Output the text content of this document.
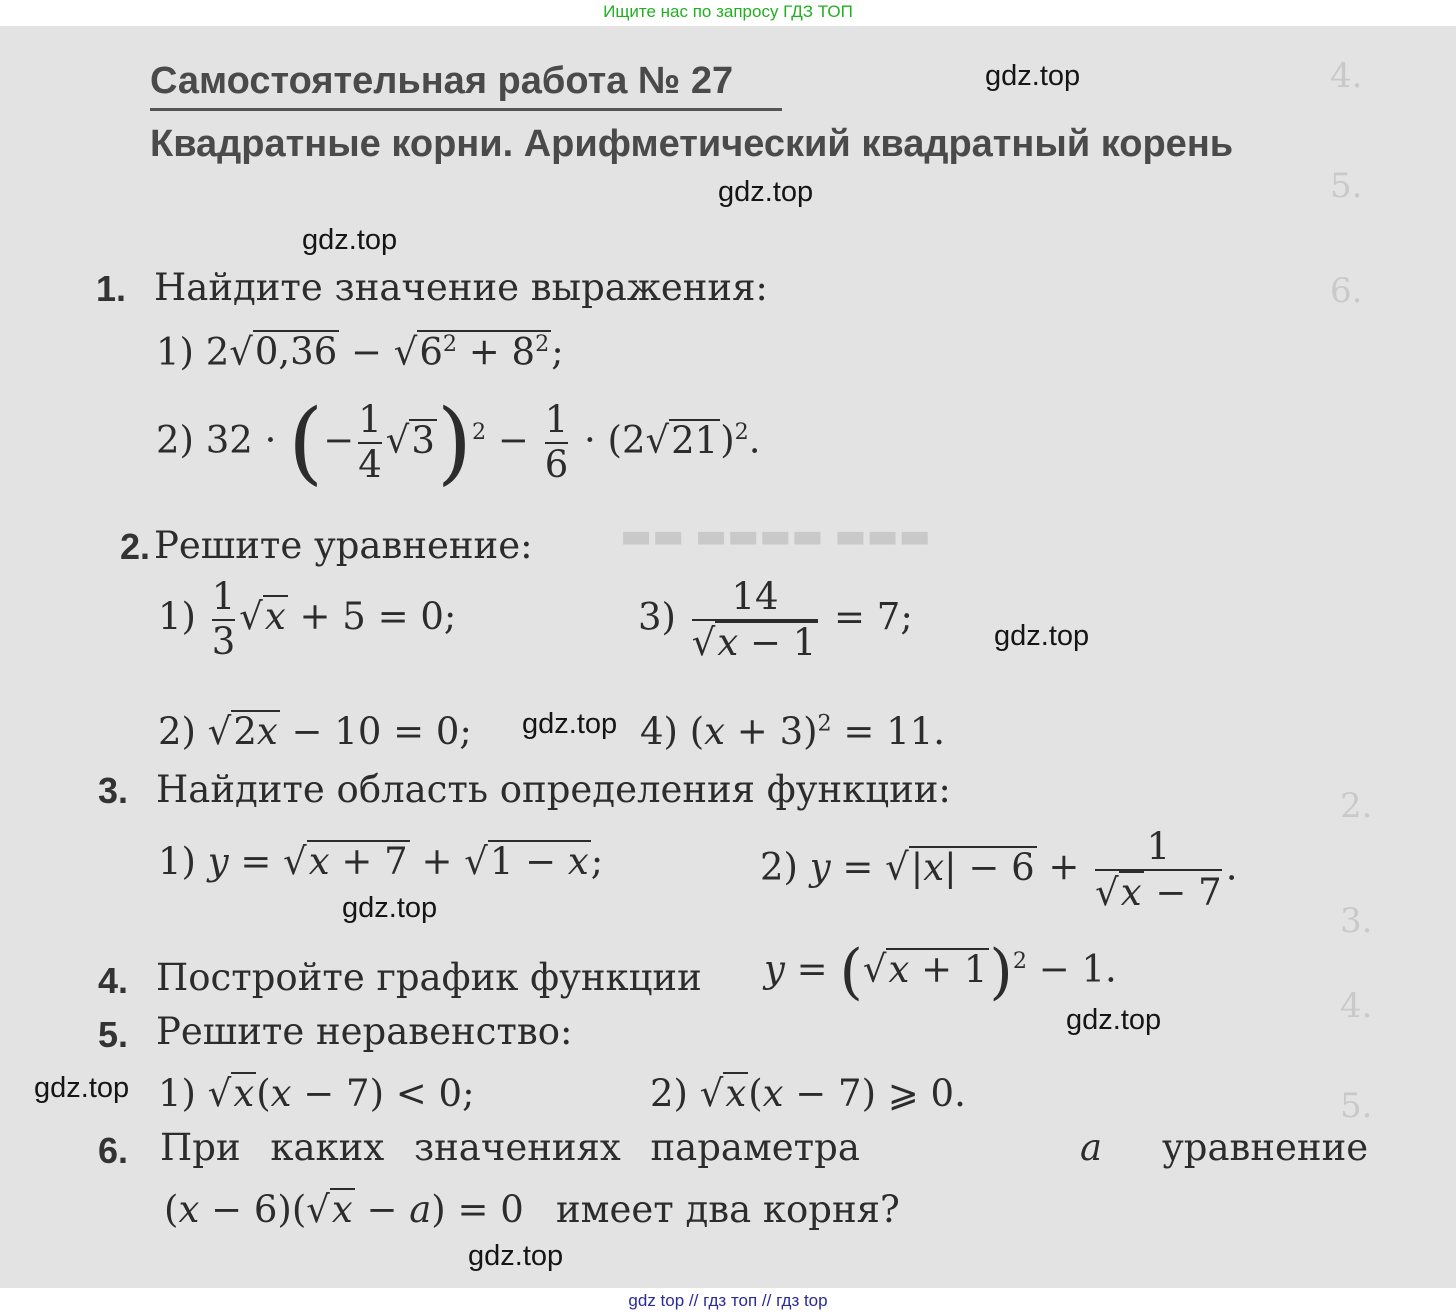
Ищите нас по запросу ГДЗ ТОП
4.
5.
6.
▬▬ ▬▬▬▬ ▬▬▬
2.
3.
4.
5.
Самостоятельная работа № 27
Квадратные корни. Арифметический квадратный корень
gdz.top
gdz.top
gdz.top
gdz.top
gdz.top
gdz.top
gdz.top
gdz.top
gdz.top
1. Найдите значение выражения:
1) $2√0,36 - √6^2 + 8^2$;
2) 32 · (− $\frac{1}{4} √3)^2 - \frac{1}{6} \cdot (2√21)^2$.
2. Решите уравнение:
$1) \frac{1}{3} √x + 5 = 0$;	$3) \frac{14}{√x - 1} = 7$;
2) √2x − 10 = 0;	4) $(x + 3)^2 = 11$.
3. Найдите область определения функции:
1) y = √x + 7 + √1 − x;	2) $y = √|x| - 6 + \frac{1}{√x - 7}$ .
4. Постройте график функции $y = (√x + 1)^2 - 1$.
5. Решите неравенство:
1) √x(x − 7) < 0;	2) √x(x − 7) ⩾ 0.
6. При каких значениях параметра	a уравнение
(x − 6)(√x − a) = 0 имеет два корня?
gdz top // гдз топ // гдз top
